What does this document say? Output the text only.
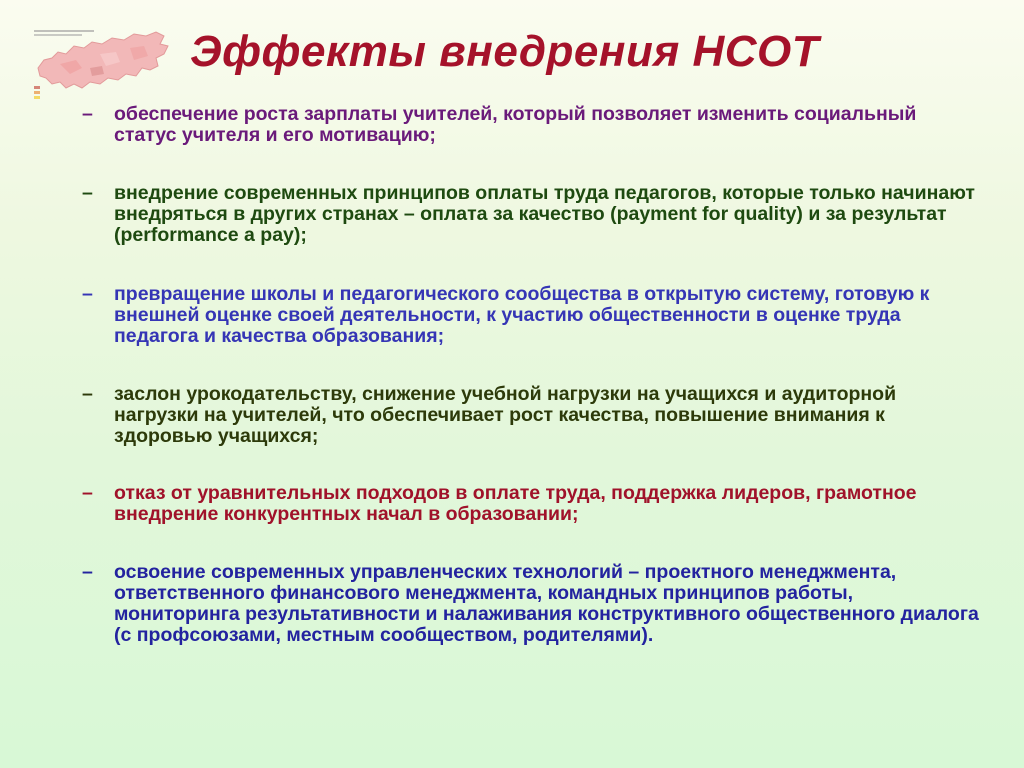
Эффекты внедрения НСОТ
–	обеспечение роста зарплаты учителей, который позволяет изменить социальный статус учителя и его мотивацию;
–	внедрение современных принципов оплаты труда педагогов, которые только начинают внедряться в других странах – оплата за качество (payment for quality) и за результат (performance a pay);
–	превращение школы и педагогического сообщества в открытую систему, готовую к внешней оценке своей деятельности, к участию общественности в оценке труда педагога и качества образования;
–	заслон урокодательству, снижение учебной нагрузки на учащихся и аудиторной нагрузки на учителей, что обеспечивает рост качества, повышение внимания к здоровью учащихся;
–	отказ от уравнительных подходов в оплате труда, поддержка лидеров, грамотное внедрение конкурентных начал в образовании;
–	освоение современных управленческих технологий – проектного менеджмента, ответственного финансового менеджмента, командных принципов работы, мониторинга результативности и налаживания конструктивного общественного диалога (с профсоюзами, местным сообществом, родителями).
